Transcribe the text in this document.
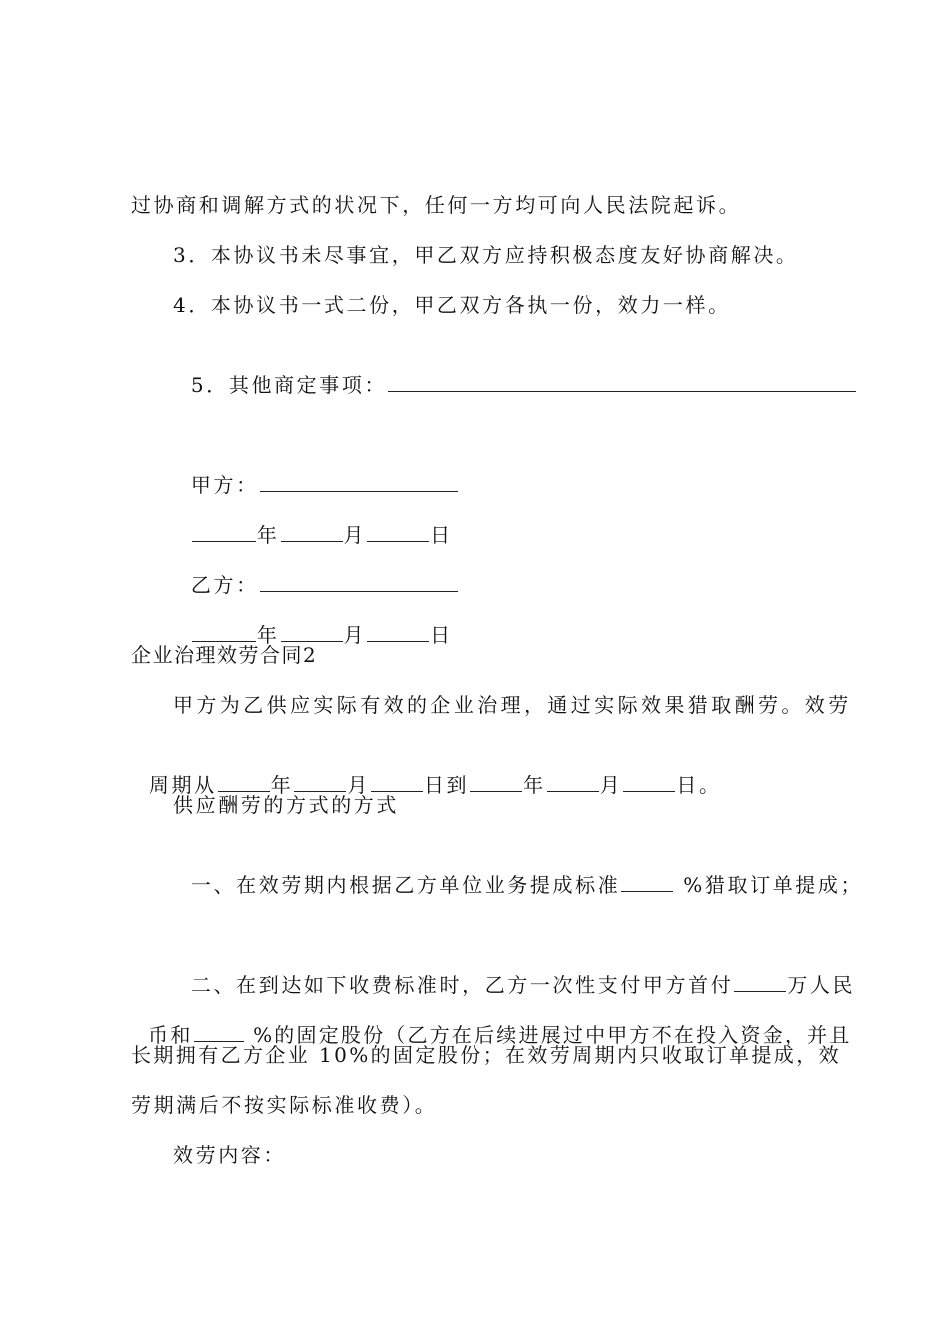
过协商和调解方式的状况下，任何一方均可向人民法院起诉。
3．本协议书未尽事宜，甲乙双方应持积极态度友好协商解决。
4．本协议书一式二份，甲乙双方各执一份，效力一样。

5．其他商定事项：

甲方：

年	月	日

乙方：

年	月	日

企业治理效劳合同2
甲方为乙供应实际有效的企业治理，通过实际效果猎取酬劳。效劳

周期从	年	月	日到	年	月	日。

供应酬劳的方式的方式

一、在效劳期内根据乙方单位业务提成标准	%猎取订单提成；

二、在到达如下收费标准时，乙方一次性支付甲方首付	万人民

币和	%的固定股份（乙方在后续进展过中甲方不在投入资金，并且

长期拥有乙方企业 10%的固定股份；在效劳周期内只收取订单提成，效
劳期满后不按实际标准收费）。
效劳内容：
